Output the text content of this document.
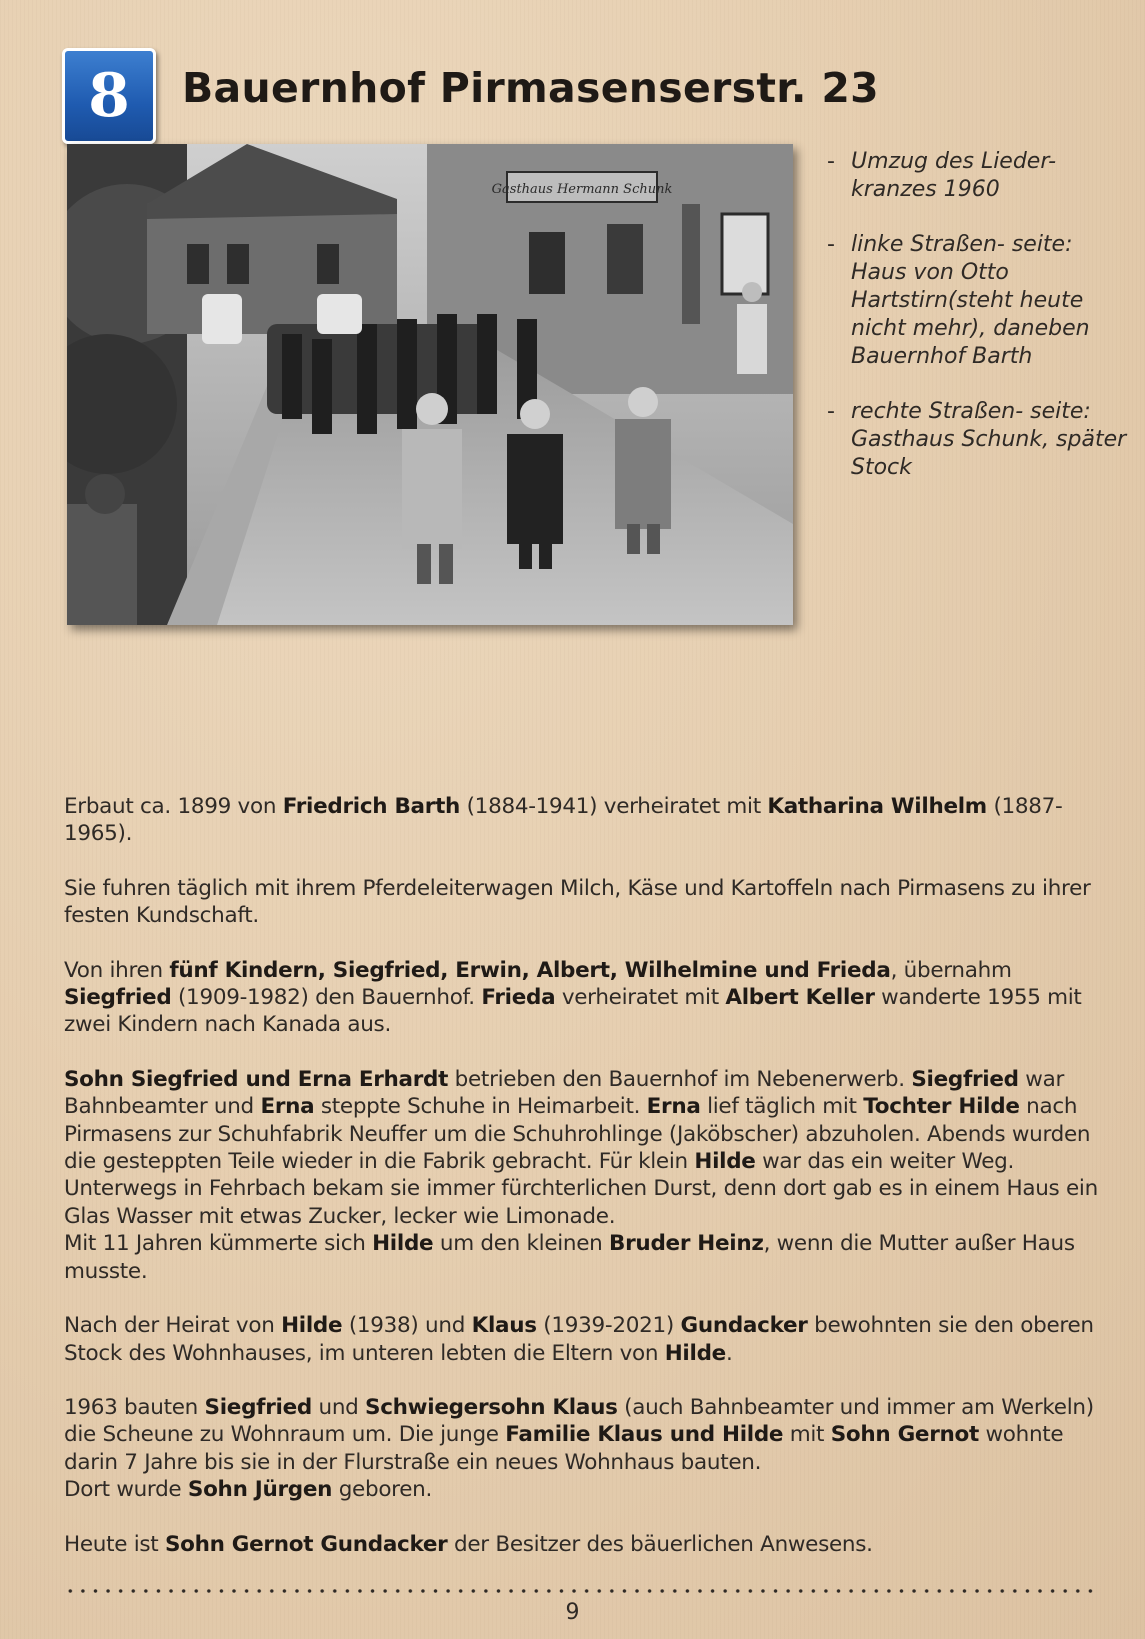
8 Bauernhof Pirmasenserstr. 23
Gasthaus Hermann Schunk
- Umzug des Lieder- kranzes 1960
- linke Straßen- seite: Haus von Otto Hartstirn(steht heute nicht mehr), daneben Bauernhof Barth
- rechte Straßen- seite: Gasthaus Schunk, später Stock

Erbaut ca. 1899 von Friedrich Barth (1884-1941) verheiratet mit Katharina Wilhelm (1887-1965).

Sie fuhren täglich mit ihrem Pferdeleiterwagen Milch, Käse und Kartoffeln nach Pirmasens zu ihrer festen Kundschaft.

Von ihren fünf Kindern, Siegfried, Erwin, Albert, Wilhelmine und Frieda, übernahm Siegfried (1909-1982) den Bauernhof. Frieda verheiratet mit Albert Keller wanderte 1955 mit zwei Kindern nach Kanada aus.

Sohn Siegfried und Erna Erhardt betrieben den Bauernhof im Nebenerwerb. Siegfried war Bahnbeamter und Erna steppte Schuhe in Heimarbeit. Erna lief täglich mit Tochter Hilde nach Pirmasens zur Schuhfabrik Neuffer um die Schuhrohlinge (Jaköbscher) abzuholen. Abends wurden die gesteppten Teile wieder in die Fabrik gebracht. Für klein Hilde war das ein weiter Weg. Unterwegs in Fehrbach bekam sie immer fürchterlichen Durst, denn dort gab es in einem Haus ein Glas Wasser mit etwas Zucker, lecker wie Limonade.
Mit 11 Jahren kümmerte sich Hilde um den kleinen Bruder Heinz, wenn die Mutter außer Haus musste.

Nach der Heirat von Hilde (1938) und Klaus (1939-2021) Gundacker bewohnten sie den oberen Stock des Wohnhauses, im unteren lebten die Eltern von Hilde.

1963 bauten Siegfried und Schwiegersohn Klaus (auch Bahnbeamter und immer am Werkeln) die Scheune zu Wohnraum um. Die junge Familie Klaus und Hilde mit Sohn Gernot wohnte darin 7 Jahre bis sie in der Flurstraße ein neues Wohnhaus bauten.
Dort wurde Sohn Jürgen geboren.

Heute ist Sohn Gernot Gundacker der Besitzer des bäuerlichen Anwesens.

9
